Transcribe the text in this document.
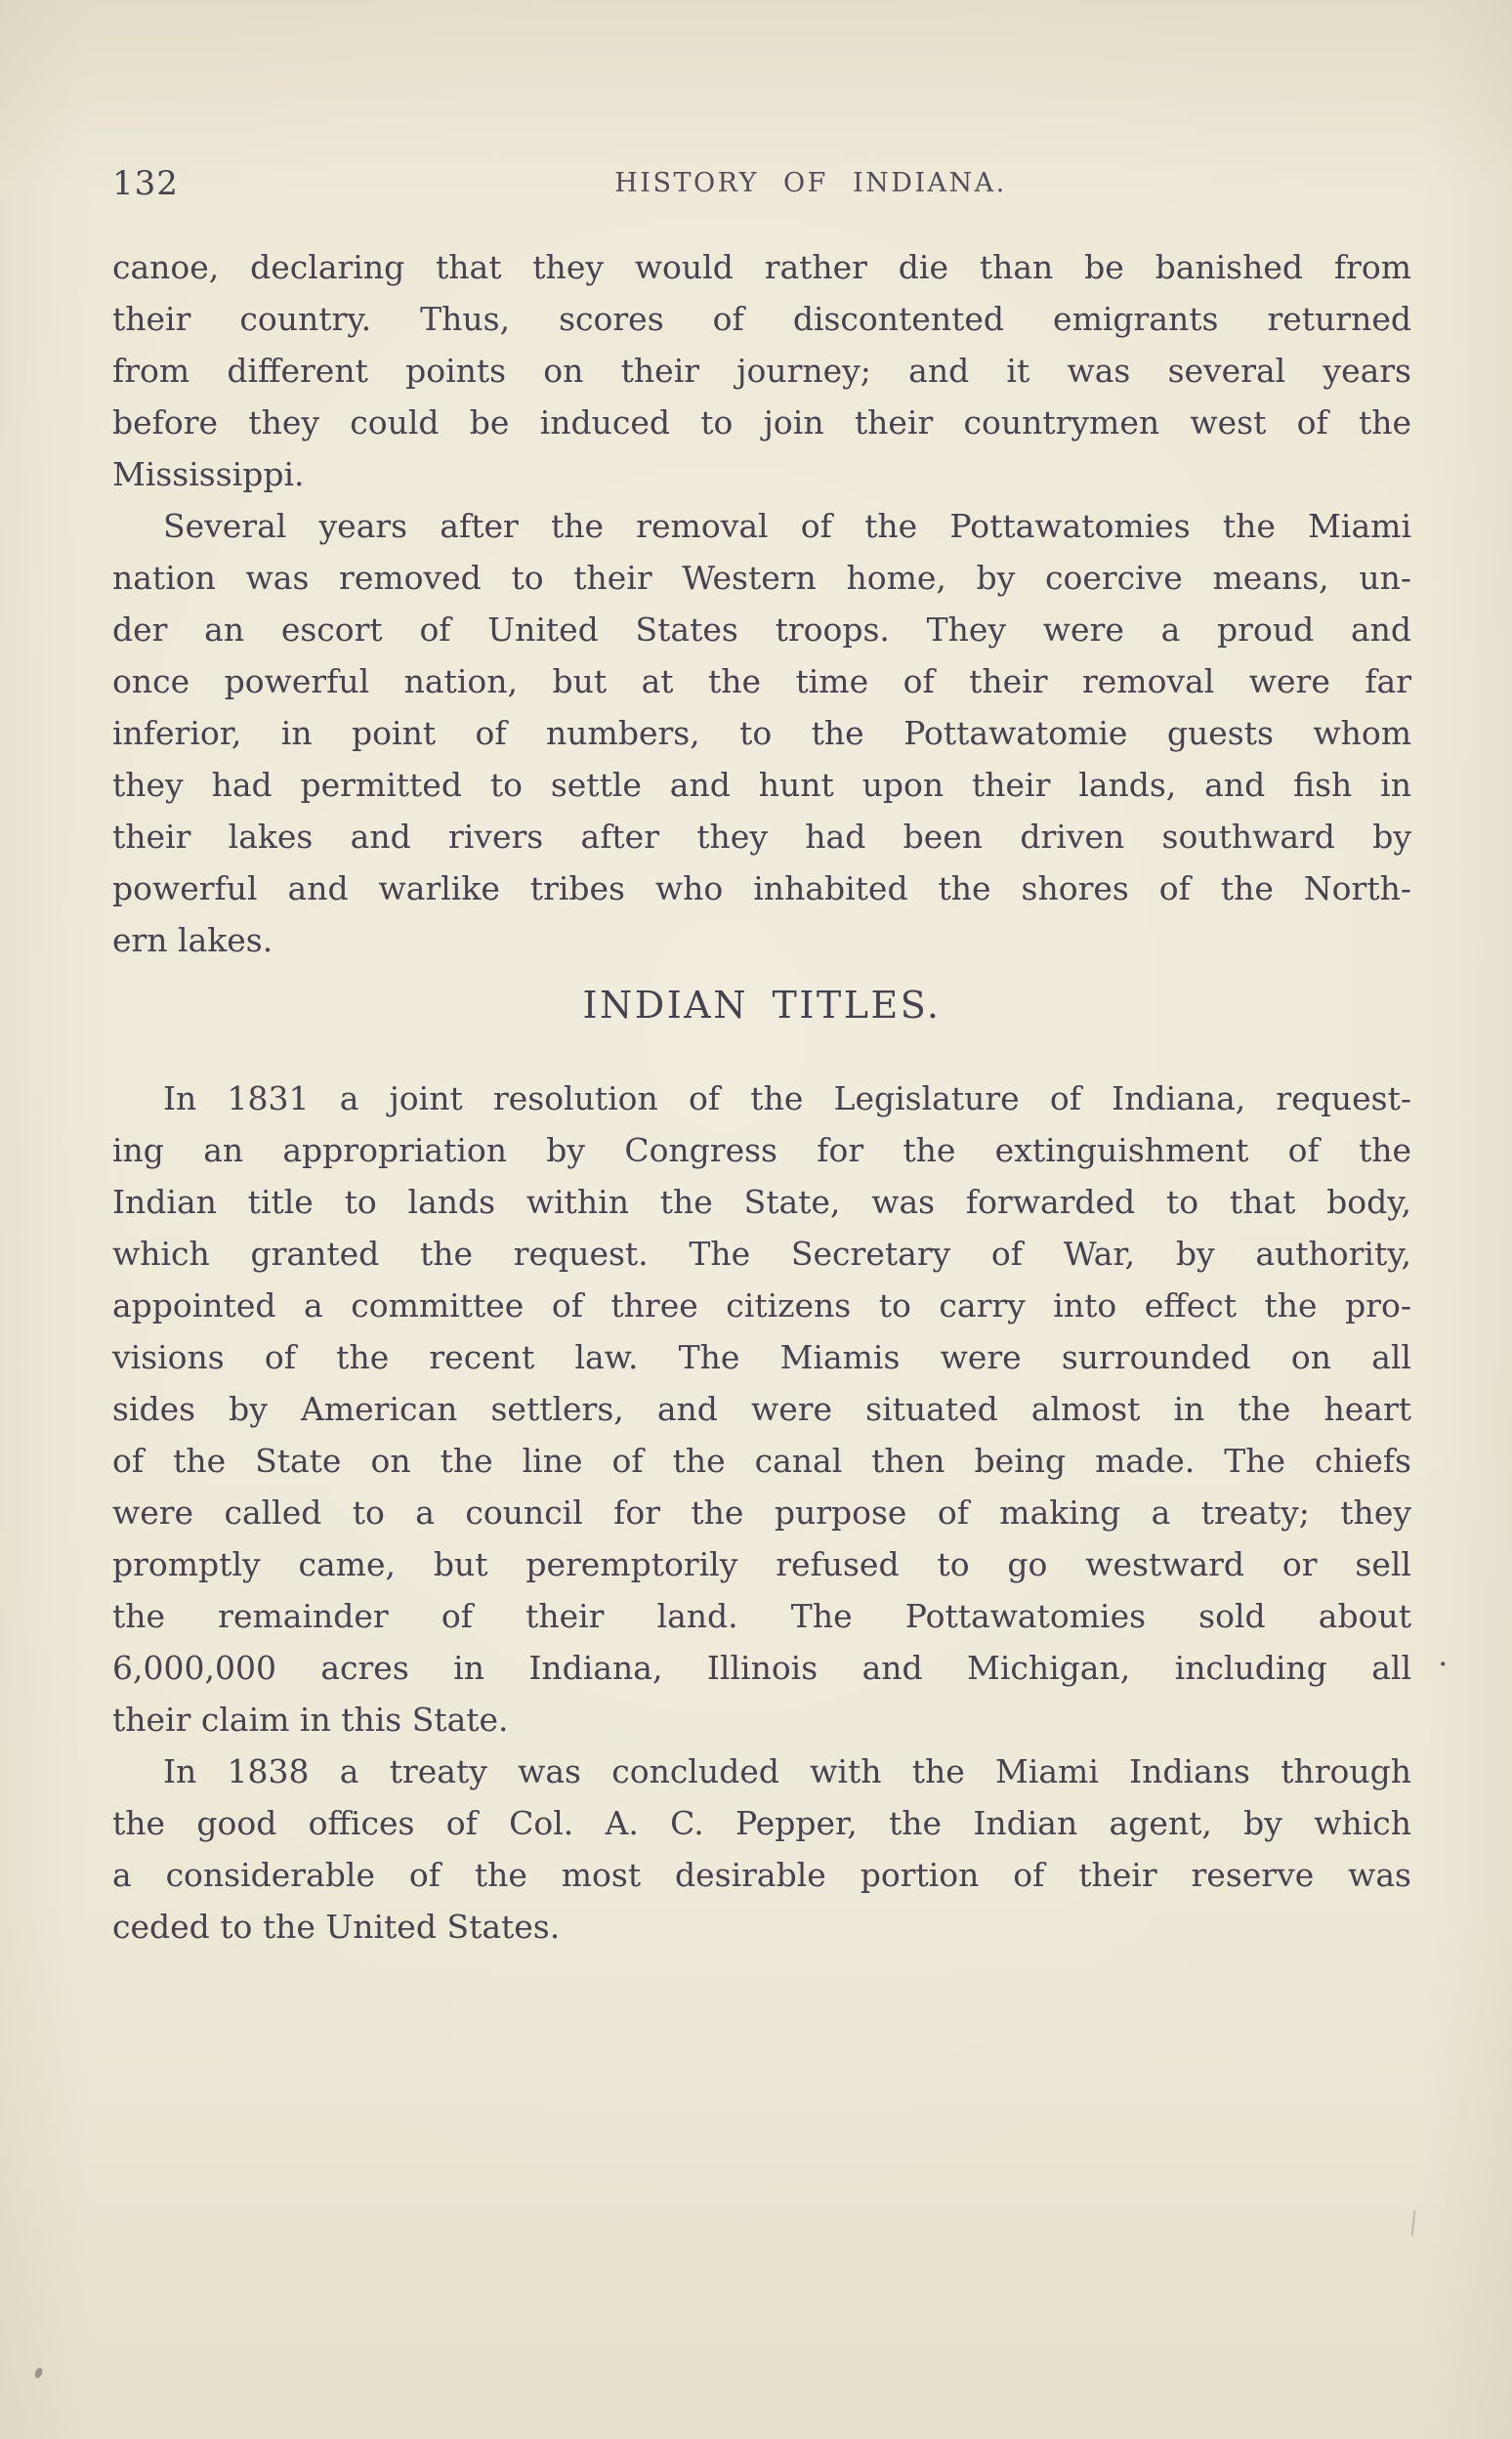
132	HISTORY OF INDIANA.
canoe, declaring that they would rather die than be banished from
their country. Thus, scores of discontented emigrants returned
from different points on their journey; and it was several years
before they could be induced to join their countrymen west of the
Mississippi.
Several years after the removal of the Pottawatomies the Miami
nation was removed to their Western home, by coercive means, un-
der an escort of United States troops. They were a proud and
once powerful nation, but at the time of their removal were far
inferior, in point of numbers, to the Pottawatomie guests whom
they had permitted to settle and hunt upon their lands, and fish in
their lakes and rivers after they had been driven southward by
powerful and warlike tribes who inhabited the shores of the North-
ern lakes.
INDIAN TITLES.
In 1831 a joint resolution of the Legislature of Indiana, request-
ing an appropriation by Congress for the extinguishment of the
Indian title to lands within the State, was forwarded to that body,
which granted the request. The Secretary of War, by authority,
appointed a committee of three citizens to carry into effect the pro-
visions of the recent law. The Miamis were surrounded on all
sides by American settlers, and were situated almost in the heart
of the State on the line of the canal then being made. The chiefs
were called to a council for the purpose of making a treaty; they
promptly came, but peremptorily refused to go westward or sell
the remainder of their land. The Pottawatomies sold about
6,000,000 acres in Indiana, Illinois and Michigan, including all
their claim in this State.
In 1838 a treaty was concluded with the Miami Indians through
the good offices of Col. A. C. Pepper, the Indian agent, by which
a considerable of the most desirable portion of their reserve was
ceded to the United States.
.
